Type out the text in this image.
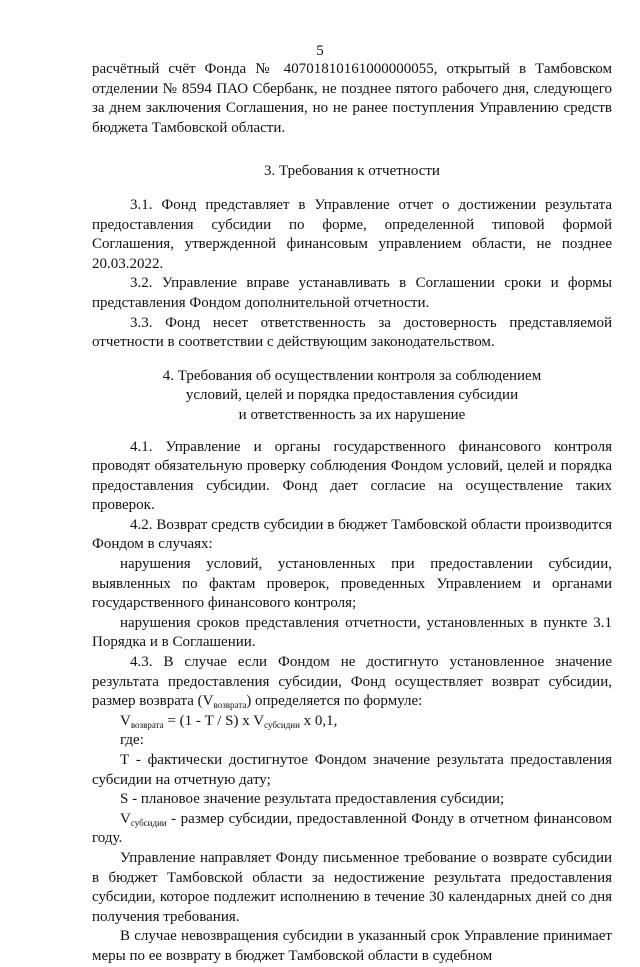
5

расчётный счёт Фонда № 40701810161000000055, открытый в Тамбовском отделении № 8594 ПАО Сбербанк, не позднее пятого рабочего дня, следующего за днем заключения Соглашения, но не ранее поступления Управлению средств бюджета Тамбовской области.

3. Требования к отчетности

3.1. Фонд представляет в Управление отчет о достижении результата предоставления субсидии по форме, определенной типовой формой Соглашения, утвержденной финансовым управлением области, не позднее 20.03.2022.

3.2. Управление вправе устанавливать в Соглашении сроки и формы представления Фондом дополнительной отчетности.

3.3. Фонд несет ответственность за достоверность представляемой отчетности в соответствии с действующим законодательством.

4. Требования об осуществлении контроля за соблюдением
условий, целей и порядка предоставления субсидии
и ответственность за их нарушение

4.1. Управление и органы государственного финансового контроля проводят обязательную проверку соблюдения Фондом условий, целей и порядка предоставления субсидии. Фонд дает согласие на осуществление таких проверок.

4.2. Возврат средств субсидии в бюджет Тамбовской области производится Фондом в случаях:

нарушения условий, установленных при предоставлении субсидии, выявленных по фактам проверок, проведенных Управлением и органами государственного финансового контроля;

нарушения сроков представления отчетности, установленных в пункте 3.1 Порядка и в Соглашении.

4.3. В случае если Фондом не достигнуто установленное значение результата предоставления субсидии, Фонд осуществляет возврат субсидии, размер возврата $(V_{возврата})$ определяется по формуле:

$V_{возврата} = (1 - T / S)$ x $V_{субсидии}$ x 0,1,

где:

Т - фактически достигнутое Фондом значение результата предоставления субсидии на отчетную дату;

S - плановое значение результата предоставления субсидии;

$V_{субсидии}$ - размер субсидии, предоставленной Фонду в отчетном финансовом году.

Управление направляет Фонду письменное требование о возврате субсидии в бюджет Тамбовской области за недостижение результата предоставления субсидии, которое подлежит исполнению в течение 30 календарных дней со дня получения требования.

В случае невозвращения субсидии в указанный срок Управление принимает меры по ее возврату в бюджет Тамбовской области в судебном
